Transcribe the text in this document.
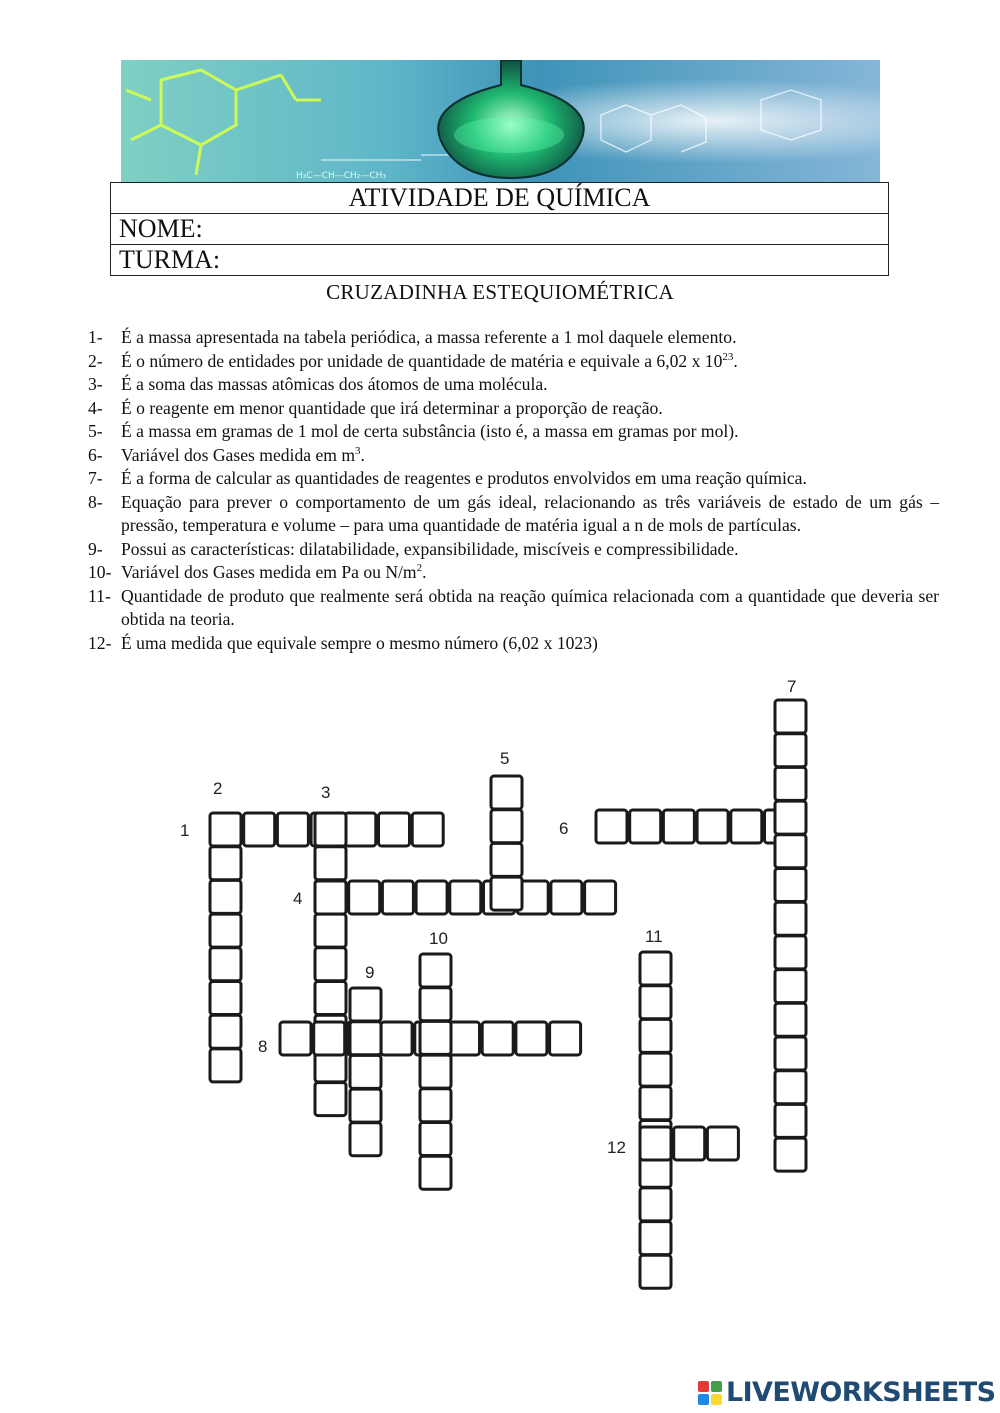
H₃C—CH—CH₂—CH₃
ATIVIDADE DE QUÍMICA
NOME:
TURMA:
CRUZADINHA ESTEQUIOMÉTRICA
1-	É a massa apresentada na tabela periódica, a massa referente a 1 mol daquele elemento.
2-	É o número de entidades por unidade de quantidade de matéria e equivale a 6,02 x $10^{23}$.
3-	É a soma das massas atômicas dos átomos de uma molécula.
4-	É o reagente em menor quantidade que irá determinar a proporção de reação.
5-	É a massa em gramas de 1 mol de certa substância (isto é, a massa em gramas por mol).
6-	Variável dos Gases medida em $m^3$.
7-	É a forma de calcular as quantidades de reagentes e produtos envolvidos em uma reação química.
8-	Equação para prever o comportamento de um gás ideal, relacionando as três variáveis de estado de um gás – pressão, temperatura e volume – para uma quantidade de matéria igual a n de mols de partículas.
9-	Possui as características: dilatabilidade, expansibilidade, miscíveis e compressibilidade.
10- Variável dos Gases medida em Pa ou $N/m^2$.
11- Quantidade de produto que realmente será obtida na reação química relacionada com a quantidade que deveria ser obtida na teoria.
12- É uma medida que equivale sempre o mesmo número (6,02 x 1023)
1
2	3
4
5
6
7
8
9
10	11
12
LIVEWORKSHEETS
